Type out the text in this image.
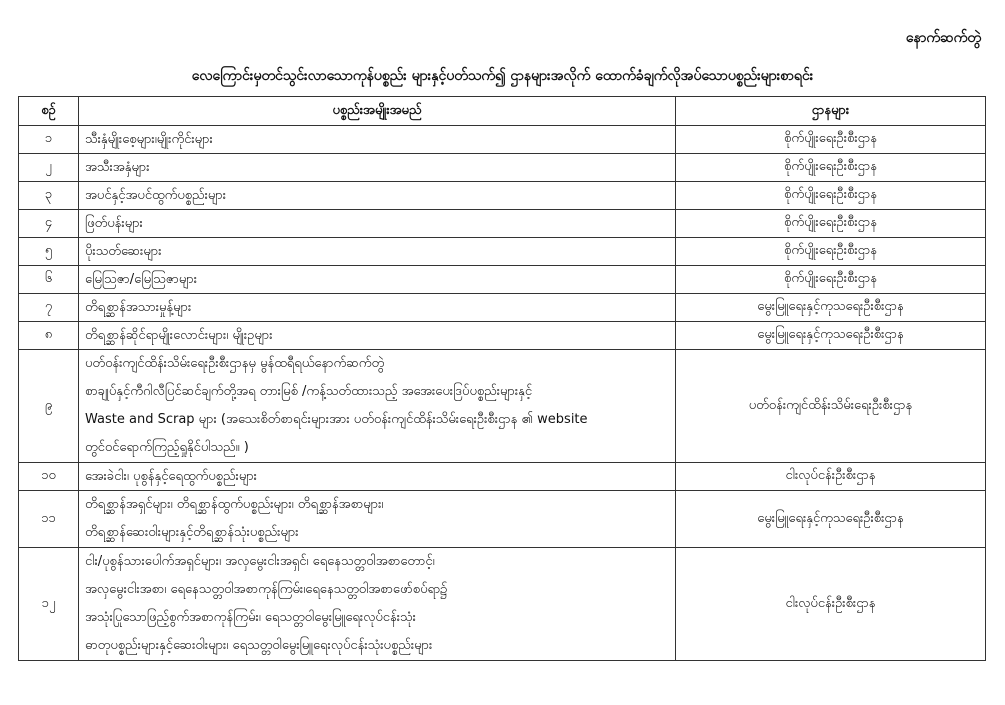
နောက်ဆက်တွဲ
လေကြောင်းမှတင်သွင်းလာသောကုန်ပစ္စည်း များနှင့်ပတ်သက်၍ ဌာနများအလိုက် ထောက်ခံချက်လိုအပ်သောပစ္စည်းများစာရင်း
စဉ်	ပစ္စည်းအမျိုးအမည်	ဌာနများ
၁	သီးနှံမျိုးစေ့များ၊မျိုးကိုင်းများ	စိုက်ပျိုးရေးဦးစီးဌာန
၂	အသီးအနှံများ	စိုက်ပျိုးရေးဦးစီးဌာန
၃	အပင်နှင့်အပင်ထွက်ပစ္စည်းများ	စိုက်ပျိုးရေးဦးစီးဌာန
၄	ဖြတ်ပန်းများ	စိုက်ပျိုးရေးဦးစီးဌာန
၅	ပိုးသတ်ဆေးများ	စိုက်ပျိုးရေးဦးစီးဌာန
၆	မြေဩဇာ/မြေဩဇာများ	စိုက်ပျိုးရေးဦးစီးဌာန
၇	တိရစ္ဆာန်အသားမှုန့်များ	မွေးမြူရေးနှင့်ကုသရေးဦးစီးဌာန
၈	တိရစ္ဆာန်ဆိုင်ရာမျိုးလောင်းများ၊ မျိုးဥများ	မွေးမြူရေးနှင့်ကုသရေးဦးစီးဌာန
၉	ပတ်ဝန်းကျင်ထိန်းသိမ်းရေးဦးစီးဌာနမှ မွန်ထရီရယ်နောက်ဆက်တွဲ
စာချုပ်နှင့်ကီဂါလီပြင်ဆင်ချက်တို့အရ တားမြစ် /ကန့်သတ်ထားသည့် အအေးပေးဒြပ်ပစ္စည်းများနှင့်
Waste and Scrap များ (အသေးစိတ်စာရင်းများအား ပတ်ဝန်းကျင်ထိန်းသိမ်းရေးဦးစီးဌာန ၏ website
တွင်ဝင်ရောက်ကြည့်ရှုနိုင်ပါသည်။ )	ပတ်ဝန်းကျင်ထိန်းသိမ်းရေးဦးစီးဌာန
၁၀	အေးခဲငါး၊ ပုစွန်နှင့်ရေထွက်ပစ္စည်းများ	ငါးလုပ်ငန်းဦးစီးဌာန
၁၁	တိရစ္ဆာန်အရှင်များ၊ တိရစ္ဆာန်ထွက်ပစ္စည်းများ၊ တိရစ္ဆာန်အစာများ၊
တိရစ္ဆာန်ဆေးဝါးများနှင့်တိရစ္ဆာန်သုံးပစ္စည်းများ	မွေးမြူရေးနှင့်ကုသရေးဦးစီးဌာန
၁၂	ငါး/ပုစွန်သားပေါက်အရှင်များ၊ အလှမွေးငါးအရှင်၊ ရေနေသတ္တဝါအစာတောင့်၊
အလှမွေးငါးအစာ၊ ရေနေသတ္တဝါအစာကုန်ကြမ်း၊ရေနေသတ္တဝါအစာဖော်စပ်ရာ၌
အသုံးပြုသောဖြည့်စွက်အစာကုန်ကြမ်း၊ ရေသတ္တဝါမွေးမြူရေးလုပ်ငန်းသုံး
ဓာတုပစ္စည်းများနှင့်ဆေးဝါးများ၊ ရေသတ္တဝါမွေးမြူရေးလုပ်ငန်းသုံးပစ္စည်းများ	ငါးလုပ်ငန်းဦးစီးဌာန
